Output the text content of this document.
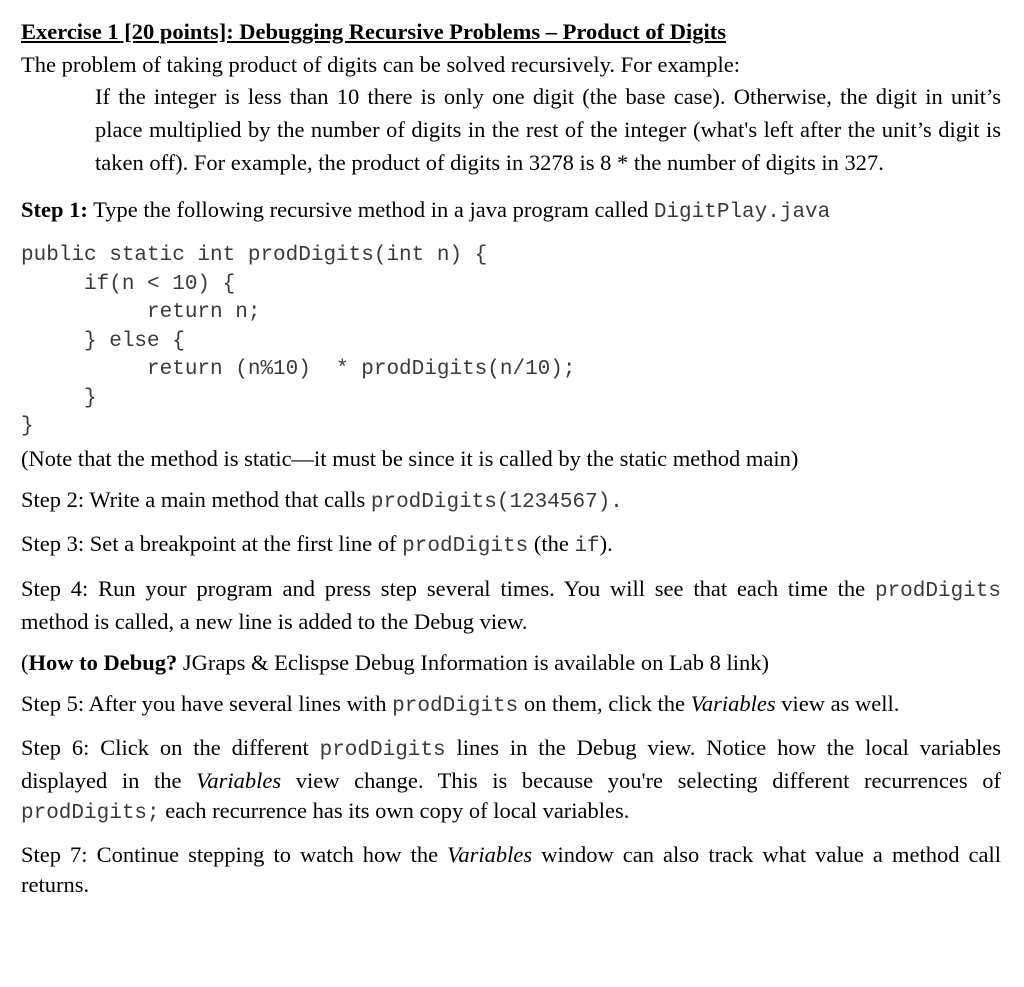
Exercise 1 [20 points]: Debugging Recursive Problems – Product of Digits

The problem of taking product of digits can be solved recursively. For example:

If the integer is less than 10 there is only one digit (the base case). Otherwise, the digit in unit’s place multiplied by the number of digits in the rest of the integer (what's left after the unit’s digit is taken off). For example, the product of digits in 3278 is 8 * the number of digits in 327.

Step 1: Type the following recursive method in a java program called DigitPlay.java

public static int prodDigits(int n) {
if(n < 10) {
return n;
} else {
return (n%10)  * prodDigits(n/10);
}
}

(Note that the method is static—it must be since it is called by the static method main)

Step 2: Write a main method that calls prodDigits(1234567).

Step 3: Set a breakpoint at the first line of prodDigits (the if).

Step 4: Run your program and press step several times. You will see that each time the prodDigits method is called, a new line is added to the Debug view.

(How to Debug? JGraps & Eclispse Debug Information is available on Lab 8 link)

Step 5: After you have several lines with prodDigits on them, click the Variables view as well.

Step 6: Click on the different prodDigits lines in the Debug view. Notice how the local variables displayed in the Variables view change. This is because you're selecting different recurrences of prodDigits; each recurrence has its own copy of local variables.

Step 7: Continue stepping to watch how the Variables window can also track what value a method call returns.
